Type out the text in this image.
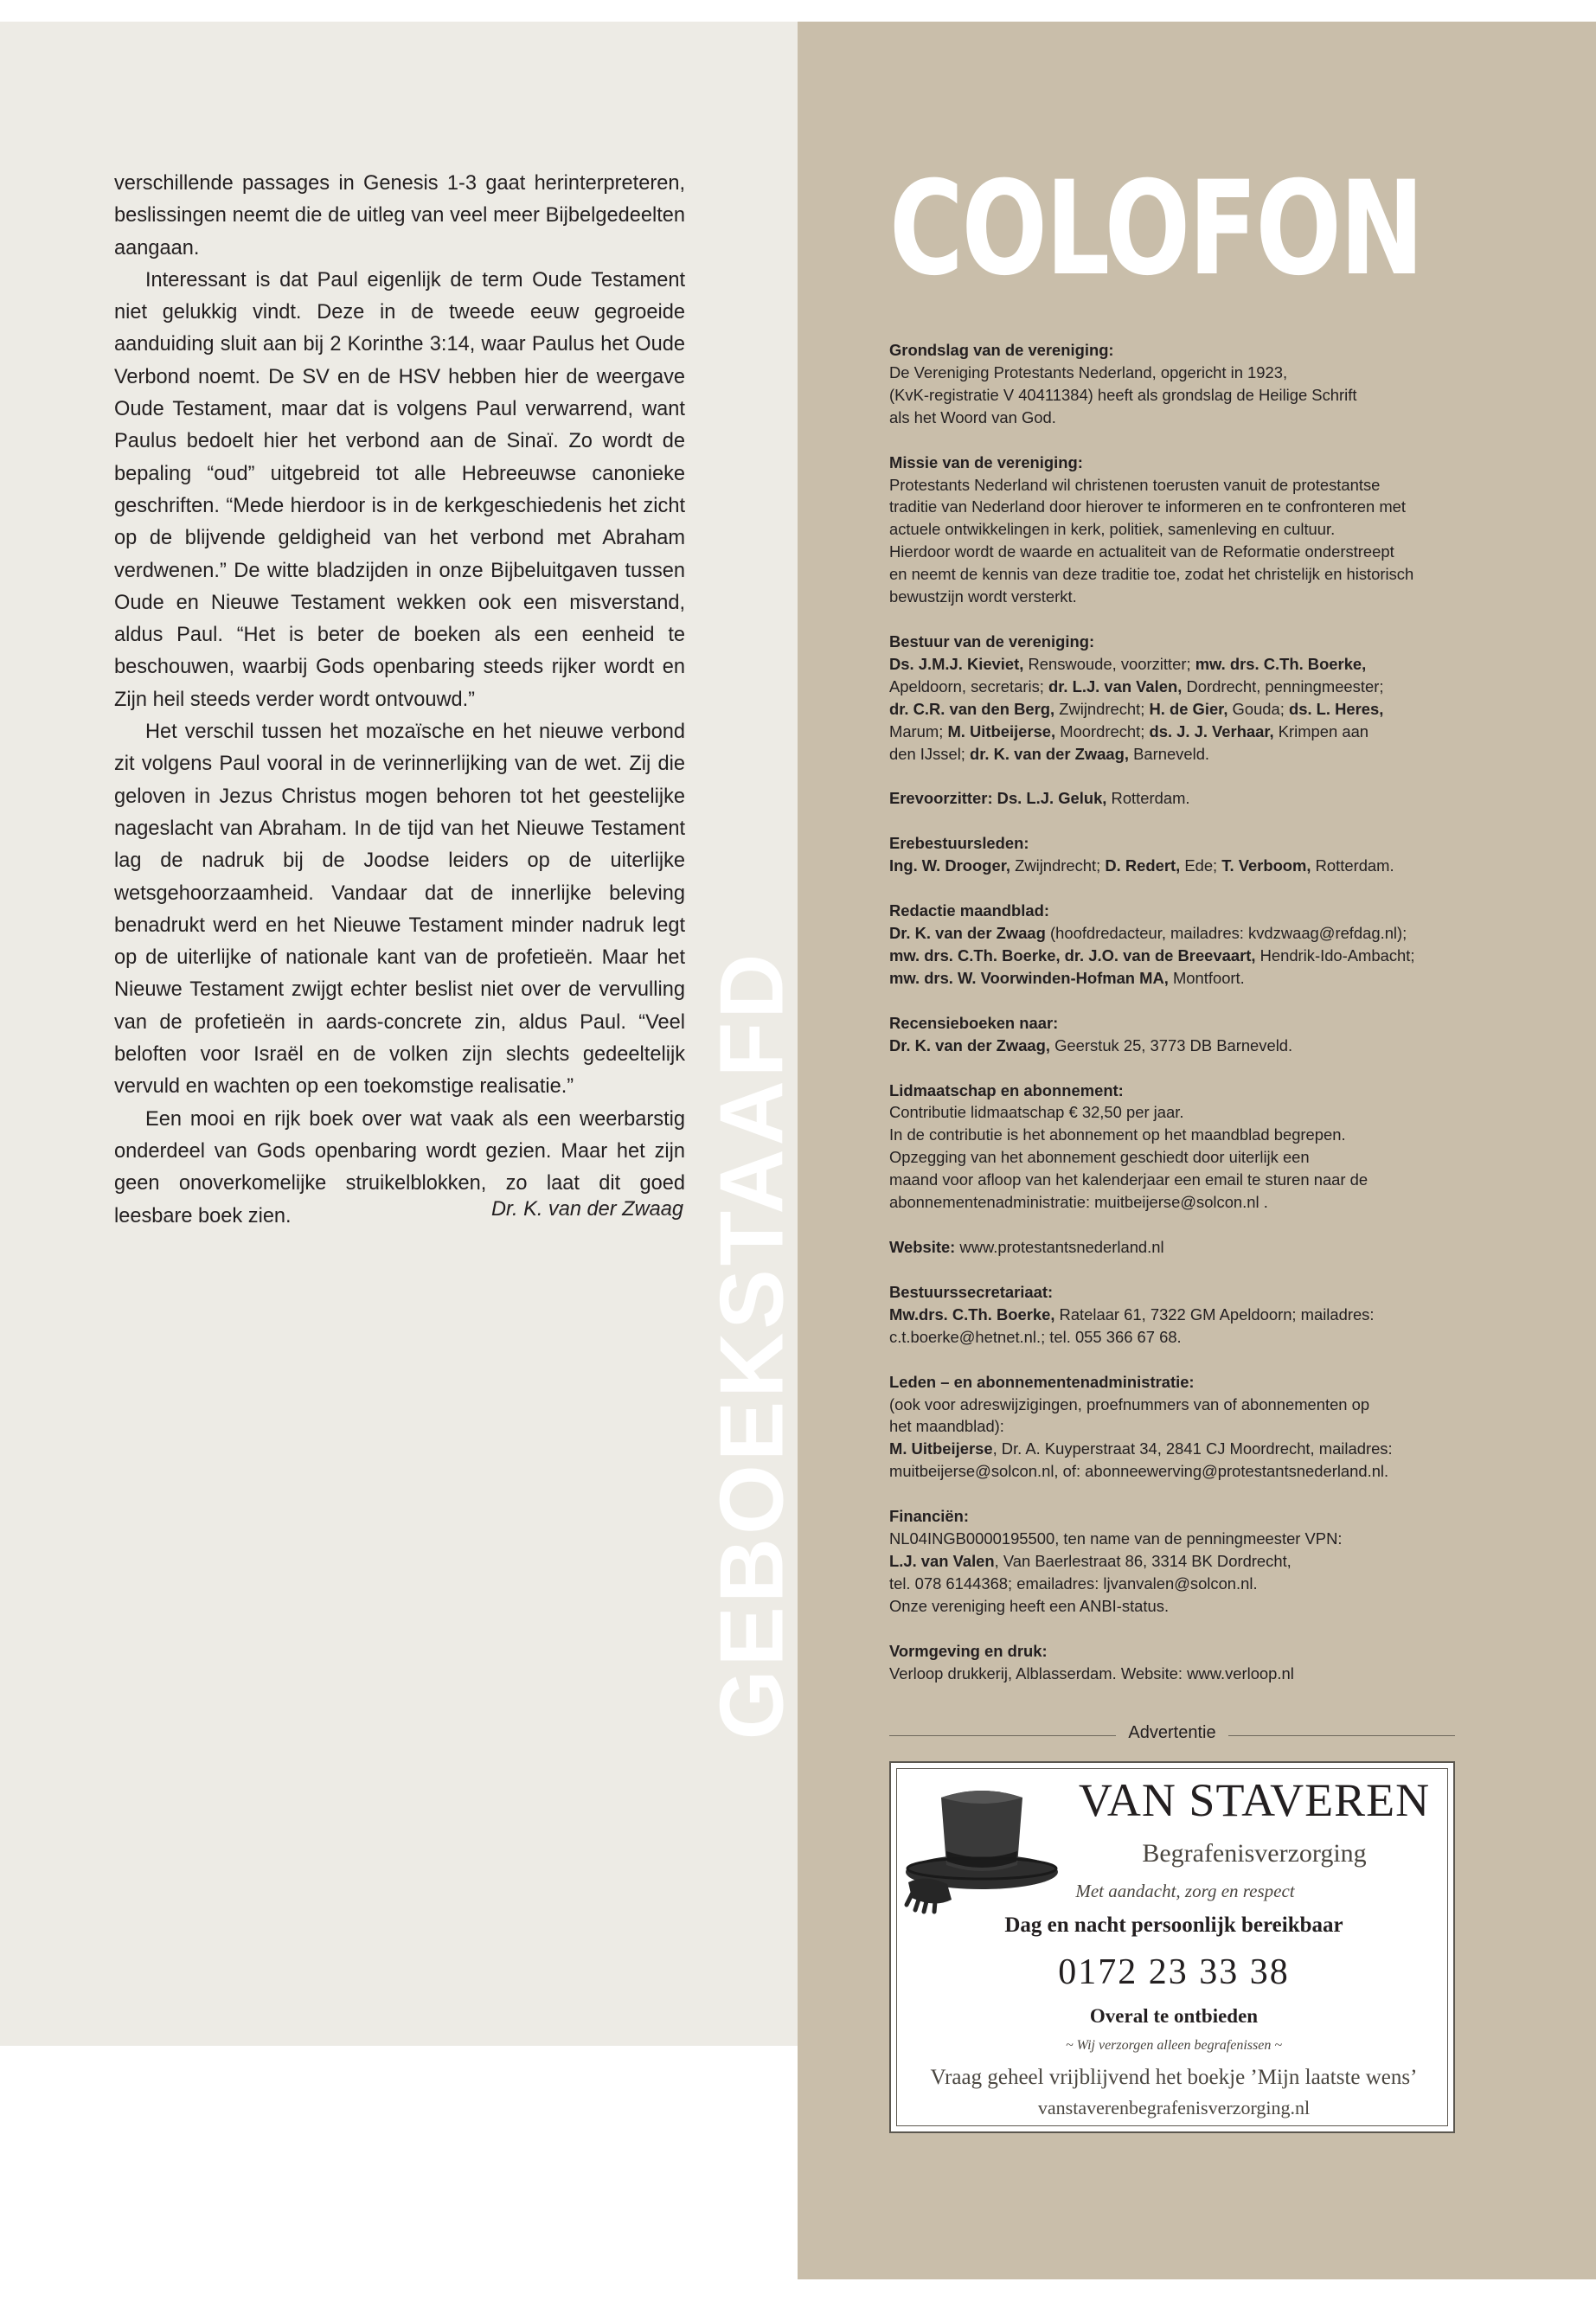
verschillende passages in Genesis 1-3 gaat herinterpreteren, beslissingen neemt die de uitleg van veel meer Bijbelgedeelten aangaan.

Interessant is dat Paul eigenlijk de term Oude Testament niet gelukkig vindt. Deze in de tweede eeuw gegroeide aanduiding sluit aan bij 2 Korinthe 3:14, waar Paulus het Oude Verbond noemt. De SV en de HSV hebben hier de weergave Oude Testament, maar dat is volgens Paul verwarrend, want Paulus bedoelt hier het verbond aan de Sinaï. Zo wordt de bepaling “oud” uitgebreid tot alle Hebreeuwse canonieke geschriften. “Mede hierdoor is in de kerkgeschiedenis het zicht op de blijvende geldigheid van het verbond met Abraham verdwenen.” De witte bladzijden in onze Bijbeluitgaven tussen Oude en Nieuwe Testament wekken ook een misverstand, aldus Paul. “Het is beter de boeken als een eenheid te beschouwen, waarbij Gods openbaring steeds rijker wordt en Zijn heil steeds verder wordt ontvouwd.”

Het verschil tussen het mozaïsche en het nieuwe verbond zit volgens Paul vooral in de verinnerlijking van de wet. Zij die geloven in Jezus Christus mogen behoren tot het geestelijke nageslacht van Abraham. In de tijd van het Nieuwe Testament lag de nadruk bij de Joodse leiders op de uiterlijke wetsgehoorzaamheid. Vandaar dat de innerlijke beleving benadrukt werd en het Nieuwe Testament minder nadruk legt op de uiterlijke of nationale kant van de profetieën. Maar het Nieuwe Testament zwijgt echter beslist niet over de vervulling van de profetieën in aards-concrete zin, aldus Paul. “Veel beloften voor Israël en de volken zijn slechts gedeeltelijk vervuld en wachten op een toekomstige realisatie.”

Een mooi en rijk boek over wat vaak als een weerbarstig onderdeel van Gods openbaring wordt gezien. Maar het zijn geen onoverkomelijke struikelblokken, zo laat dit goed leesbare boek zien.	Dr. K. van der Zwaag GEBOEKSTAAFD
COLOFON
Grondslag van de vereniging:
De Vereniging Protestants Nederland, opgericht in 1923,
(KvK-registratie V 40411384) heeft als grondslag de Heilige Schrift
als het Woord van God.
Missie van de vereniging:
Protestants Nederland wil christenen toerusten vanuit de protestantse
traditie van Nederland door hierover te informeren en te confronteren met
actuele ontwikkelingen in kerk, politiek, samenleving en cultuur.
Hierdoor wordt de waarde en actualiteit van de Reformatie onderstreept
en neemt de kennis van deze traditie toe, zodat het christelijk en historisch
bewustzijn wordt versterkt.
Bestuur van de vereniging:
Ds. J.M.J. Kieviet, Renswoude, voorzitter; mw. drs. C.Th. Boerke,
Apeldoorn, secretaris; dr. L.J. van Valen, Dordrecht, penningmeester;
dr. C.R. van den Berg, Zwijndrecht; H. de Gier, Gouda; ds. L. Heres,
Marum; M. Uitbeijerse, Moordrecht; ds. J. J. Verhaar, Krimpen aan
den IJssel; dr. K. van der Zwaag, Barneveld.
Erevoorzitter: Ds. L.J. Geluk, Rotterdam.
Erebestuursleden:
Ing. W. Drooger, Zwijndrecht; D. Redert, Ede; T. Verboom, Rotterdam.
Redactie maandblad:
Dr. K. van der Zwaag (hoofdredacteur, mailadres: kvdzwaag@refdag.nl);
mw. drs. C.Th. Boerke, dr. J.O. van de Breevaart, Hendrik-Ido-Ambacht;
mw. drs. W. Voorwinden-Hofman MA, Montfoort.
Recensieboeken naar:
Dr. K. van der Zwaag, Geerstuk 25, 3773 DB Barneveld.
Lidmaatschap en abonnement:
Contributie lidmaatschap € 32,50 per jaar.
In de contributie is het abonnement op het maandblad begrepen.
Opzegging van het abonnement geschiedt door uiterlijk een
maand voor afloop van het kalenderjaar een email te sturen naar de
abonnementenadministratie: muitbeijerse@solcon.nl .
Website: www.protestantsnederland.nl
Bestuurssecretariaat:
Mw.drs. C.Th. Boerke, Ratelaar 61, 7322 GM Apeldoorn; mailadres:
c.t.boerke@hetnet.nl.; tel. 055 366 67 68.
Leden – en abonnementenadministratie:
(ook voor adreswijzigingen, proefnummers van of abonnementen op
het maandblad):
M. Uitbeijerse, Dr. A. Kuyperstraat 34, 2841 CJ Moordrecht, mailadres:
muitbeijerse@solcon.nl, of: abonneewerving@protestantsnederland.nl.
Financiën:
NL04INGB0000195500, ten name van de penningmeester VPN:
L.J. van Valen, Van Baerlestraat 86, 3314 BK Dordrecht,
tel. 078 6144368; emailadres: ljvanvalen@solcon.nl.
Onze vereniging heeft een ANBI-status.
Vormgeving en druk:
Verloop drukkerij, Alblasserdam. Website: www.verloop.nl
Advertentie
VAN STAVEREN
Begrafenisverzorging
Met aandacht, zorg en respect
Dag en nacht persoonlijk bereikbaar
0172 23 33 38
Overal te ontbieden
~ Wij verzorgen alleen begrafenissen ~
Vraag geheel vrijblijvend het boekje ’Mijn laatste wens’
vanstaverenbegrafenisverzorging.nl
